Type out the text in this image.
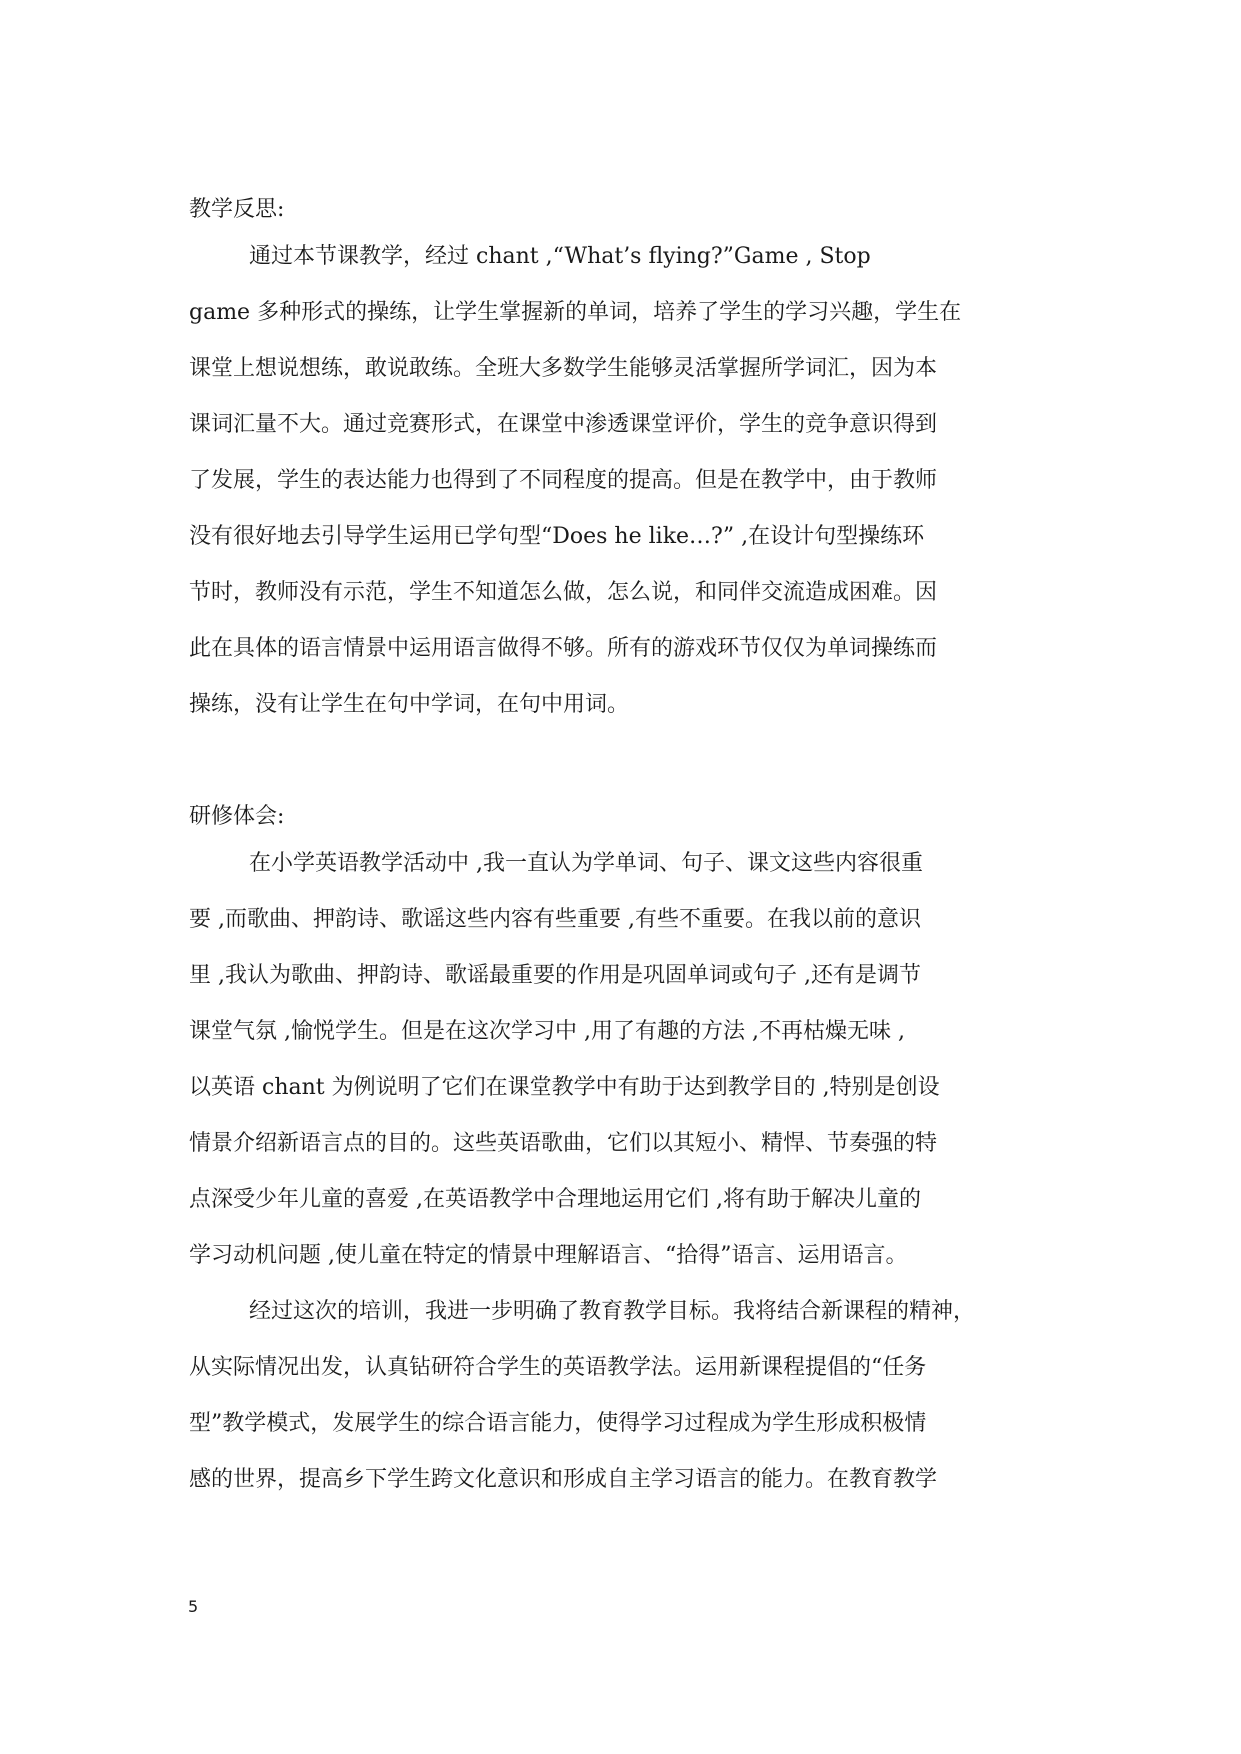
教学反思:
通过本节课教学，经过 chant ,“What’s flying?”Game , Stop
game 多种形式的操练，让学生掌握新的单词，培养了学生的学习兴趣，学生在
课堂上想说想练，敢说敢练。全班大多数学生能够灵活掌握所学词汇，因为本
课词汇量不大。通过竞赛形式，在课堂中渗透课堂评价，学生的竞争意识得到
了发展，学生的表达能力也得到了不同程度的提高。但是在教学中，由于教师
没有很好地去引导学生运用已学句型“Does he like…?” ,在设计句型操练环
节时，教师没有示范，学生不知道怎么做，怎么说，和同伴交流造成困难。因
此在具体的语言情景中运用语言做得不够。所有的游戏环节仅仅为单词操练而
操练，没有让学生在句中学词，在句中用词。
研修体会:
在小学英语教学活动中 ,我一直认为学单词、句子、课文这些内容很重
要 ,而歌曲、押韵诗、歌谣这些内容有些重要 ,有些不重要。在我以前的意识
里 ,我认为歌曲、押韵诗、歌谣最重要的作用是巩固单词或句子 ,还有是调节
课堂气氛 ,愉悦学生。但是在这次学习中 ,用了有趣的方法 ,不再枯燥无味 ,
以英语 chant 为例说明了它们在课堂教学中有助于达到教学目的 ,特别是创设
情景介绍新语言点的目的。这些英语歌曲，它们以其短小、精悍、节奏强的特
点深受少年儿童的喜爱 ,在英语教学中合理地运用它们 ,将有助于解决儿童的
学习动机问题 ,使儿童在特定的情景中理解语言、“拾得”语言、运用语言。
经过这次的培训，我进一步明确了教育教学目标。我将结合新课程的精神，
从实际情况出发，认真钻研符合学生的英语教学法。运用新课程提倡的“任务
型”教学模式，发展学生的综合语言能力，使得学习过程成为学生形成积极情
感的世界，提高乡下学生跨文化意识和形成自主学习语言的能力。在教育教学
5
